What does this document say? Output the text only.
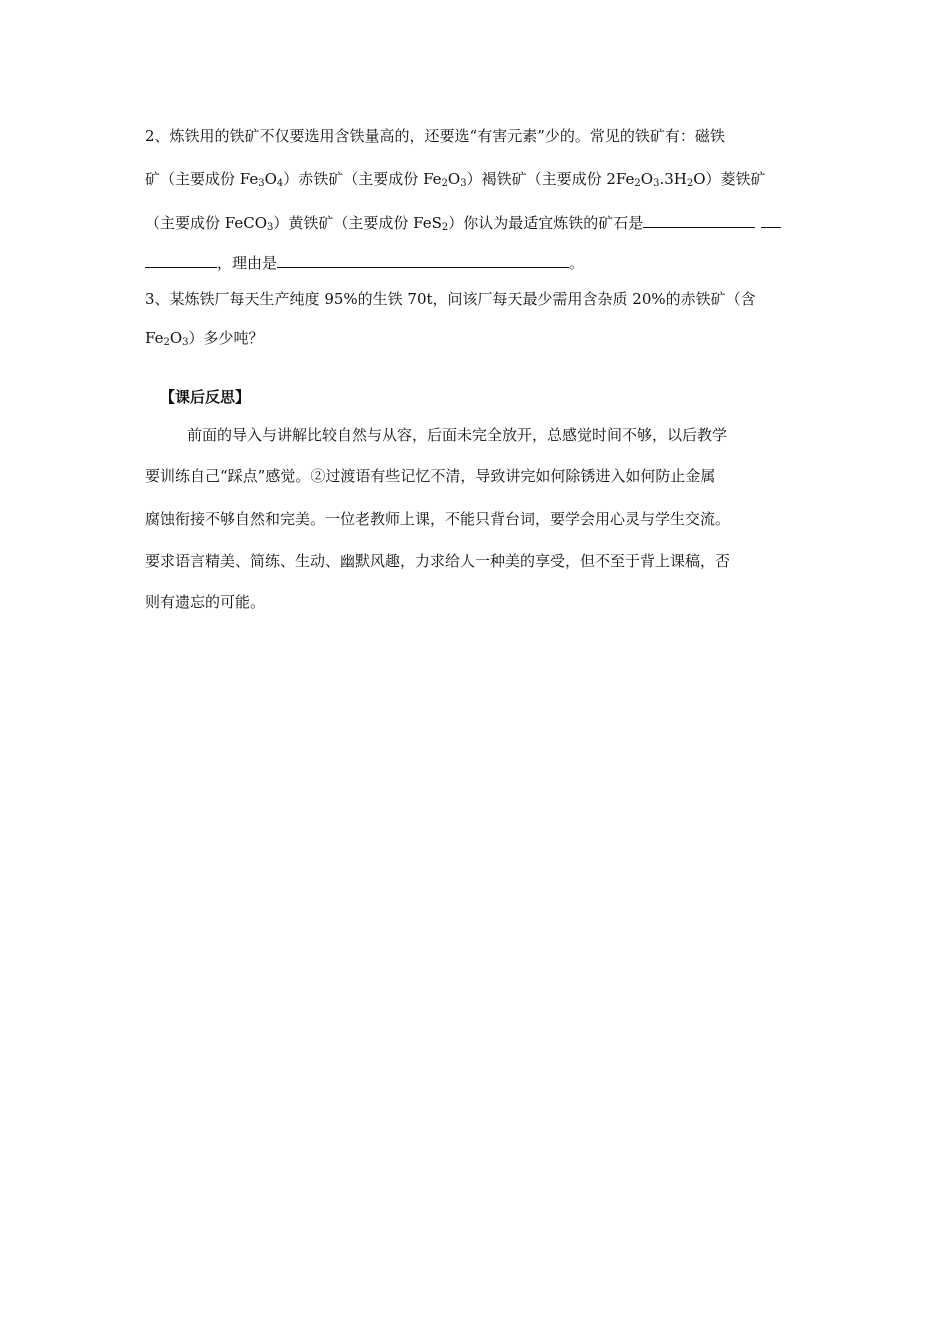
2、炼铁用的铁矿不仅要选用含铁量高的，还要选“有害元素”少的。常见的铁矿有：磁铁
矿（主要成份 $Fe_3O_4$）赤铁矿（主要成份 $Fe_2O_3$）褐铁矿（主要成份 $2Fe_2O_3.3H_2O$）菱铁矿
（主要成份 FeCO$_3$）黄铁矿（主要成份 FeS$_2$）你认为最适宜炼铁的矿石是
，理由是	。
3、某炼铁厂每天生产纯度 95%的生铁 70t，问该厂每天最少需用含杂质 20%的赤铁矿（含
$Fe_2O_3$）多少吨？
【课后反思】
前面的导入与讲解比较自然与从容，后面未完全放开，总感觉时间不够，以后教学
要训练自己“踩点”感觉。②过渡语有些记忆不清，导致讲完如何除锈进入如何防止金属
腐蚀衔接不够自然和完美。一位老教师上课，不能只背台词，要学会用心灵与学生交流。
要求语言精美、简练、生动、幽默风趣，力求给人一种美的享受，但不至于背上课稿，否
则有遗忘的可能。
